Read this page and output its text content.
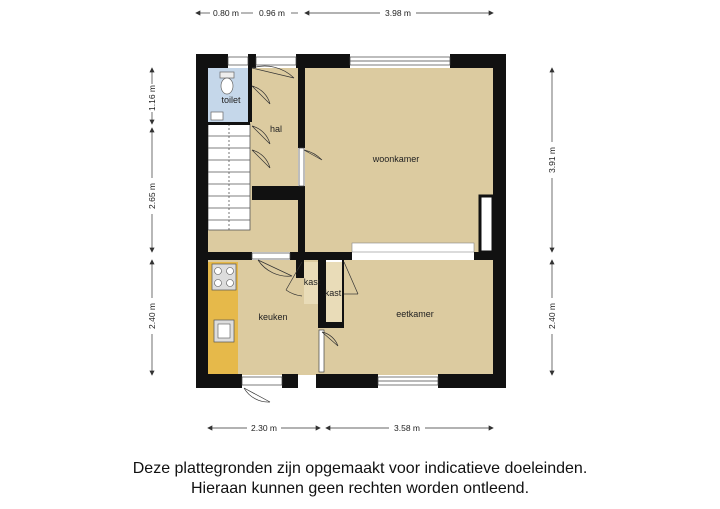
toilet
hal
woonkamer
keuken
kast
kast
eetkamer
0.80 m 0.96 m	3.98 m
2.30 m	3.58 m
1.16 m
2.65 m
2.40 m
3.91 m
2.40 m
Deze plattegronden zijn opgemaakt voor indicatieve doeleinden.
Hieraan kunnen geen rechten worden ontleend.
